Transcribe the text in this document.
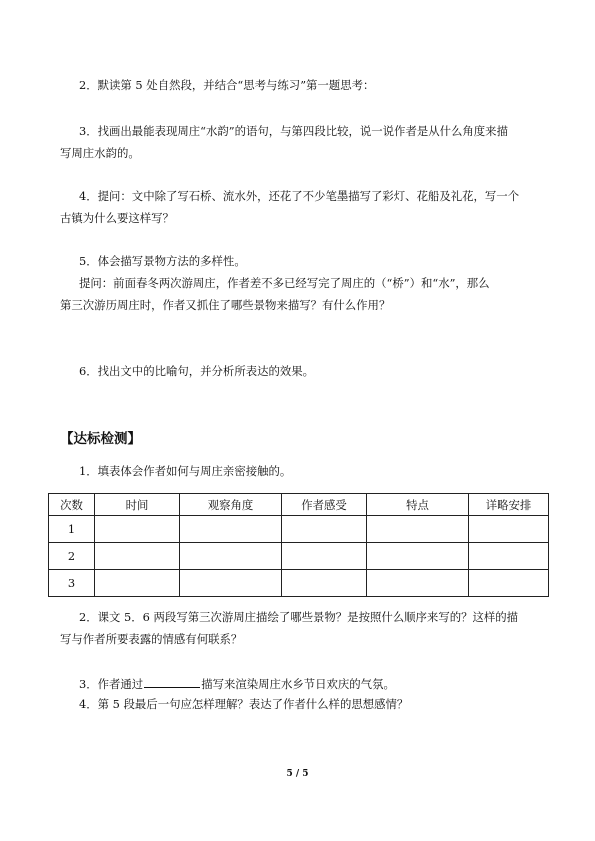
2．默读第 5 处自然段，并结合“思考与练习”第一题思考：
3．找画出最能表现周庄“水韵”的语句，与第四段比较，说一说作者是从什么角度来描
写周庄水韵的。
4．提问：文中除了写石桥、流水外，还花了不少笔墨描写了彩灯、花船及礼花，写一个
古镇为什么要这样写？
5．体会描写景物方法的多样性。
提问：前面春冬两次游周庄，作者差不多已经写完了周庄的（“桥”）和“水”，那么
第三次游历周庄时，作者又抓住了哪些景物来描写？有什么作用？
6．找出文中的比喻句，并分析所表达的效果。
【达标检测】
1．填表体会作者如何与周庄亲密接触的。
次数	时间	观察角度	作者感受	特点	详略安排
1					
2					
3					
2．课文 5．6 两段写第三次游周庄描绘了哪些景物？是按照什么顺序来写的？这样的描
写与作者所要表露的情感有何联系？
3．作者通过	描写来渲染周庄水乡节日欢庆的气氛。
4．第 5 段最后一句应怎样理解？表达了作者什么样的思想感情？
5 / 5
